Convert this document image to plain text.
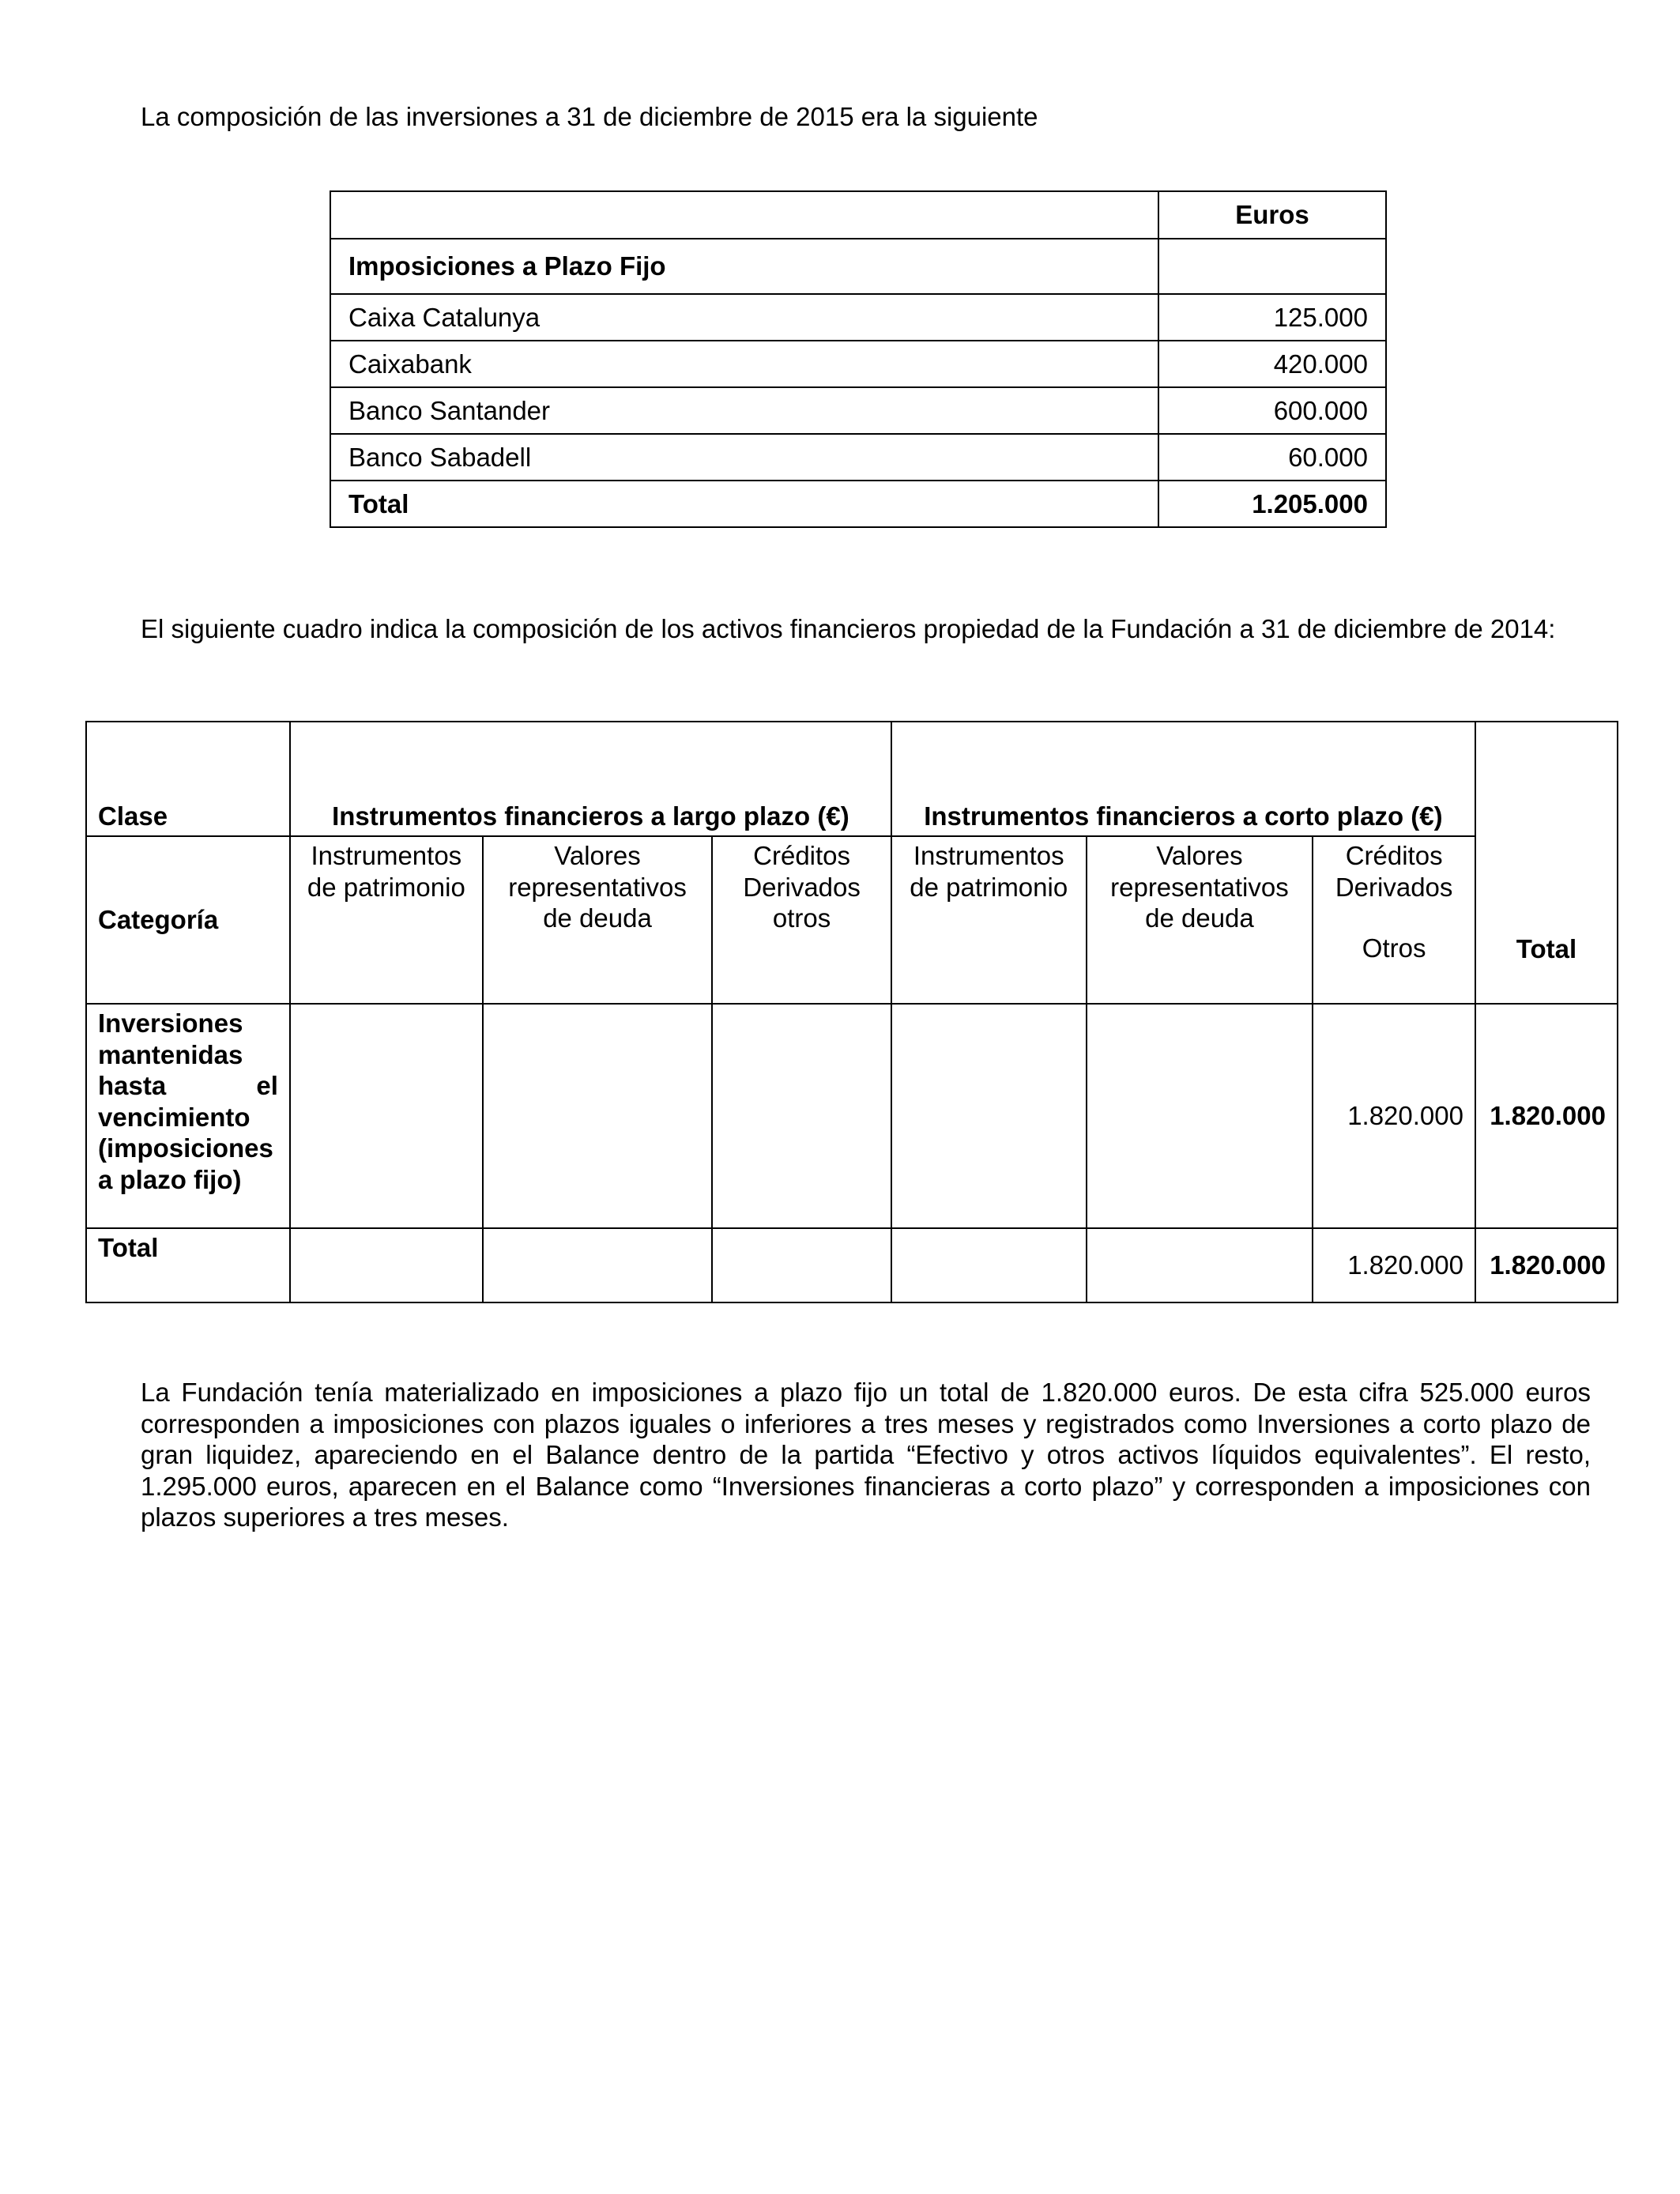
La composición de las inversiones a 31 de diciembre de 2015 era la siguiente

	Euros
Imposiciones a Plazo Fijo	
Caixa Catalunya	125.000
Caixabank	420.000
Banco Santander	600.000
Banco Sabadell	60.000
Total	1.205.000

El siguiente cuadro indica la composición de los activos financieros propiedad de la Fundación a 31 de diciembre de 2014:

Clase	Instrumentos financieros a largo plazo (€)			Instrumentos financieros a corto plazo (€)			Total
Categoría	Instrumentos de patrimonio	Valores representativos de deuda	Créditos Derivados otros	Instrumentos de patrimonio	Valores representativos de deuda	Créditos Derivados
Otros	

Inversiones mantenidas hasta el vencimiento (imposiciones a plazo fijo)						1.820.000	1.820.000
Total						1.820.000	1.820.000

La Fundación tenía materializado en imposiciones a plazo fijo un total de 1.820.000 euros. De esta cifra 525.000 euros corresponden a imposiciones con plazos iguales o inferiores a tres meses y registrados como Inversiones a corto plazo de gran liquidez, apareciendo en el Balance dentro de la partida “Efectivo y otros activos líquidos equivalentes”. El resto, 1.295.000 euros, aparecen en el Balance como “Inversiones financieras a corto plazo” y corresponden a imposiciones con plazos superiores a tres meses.
